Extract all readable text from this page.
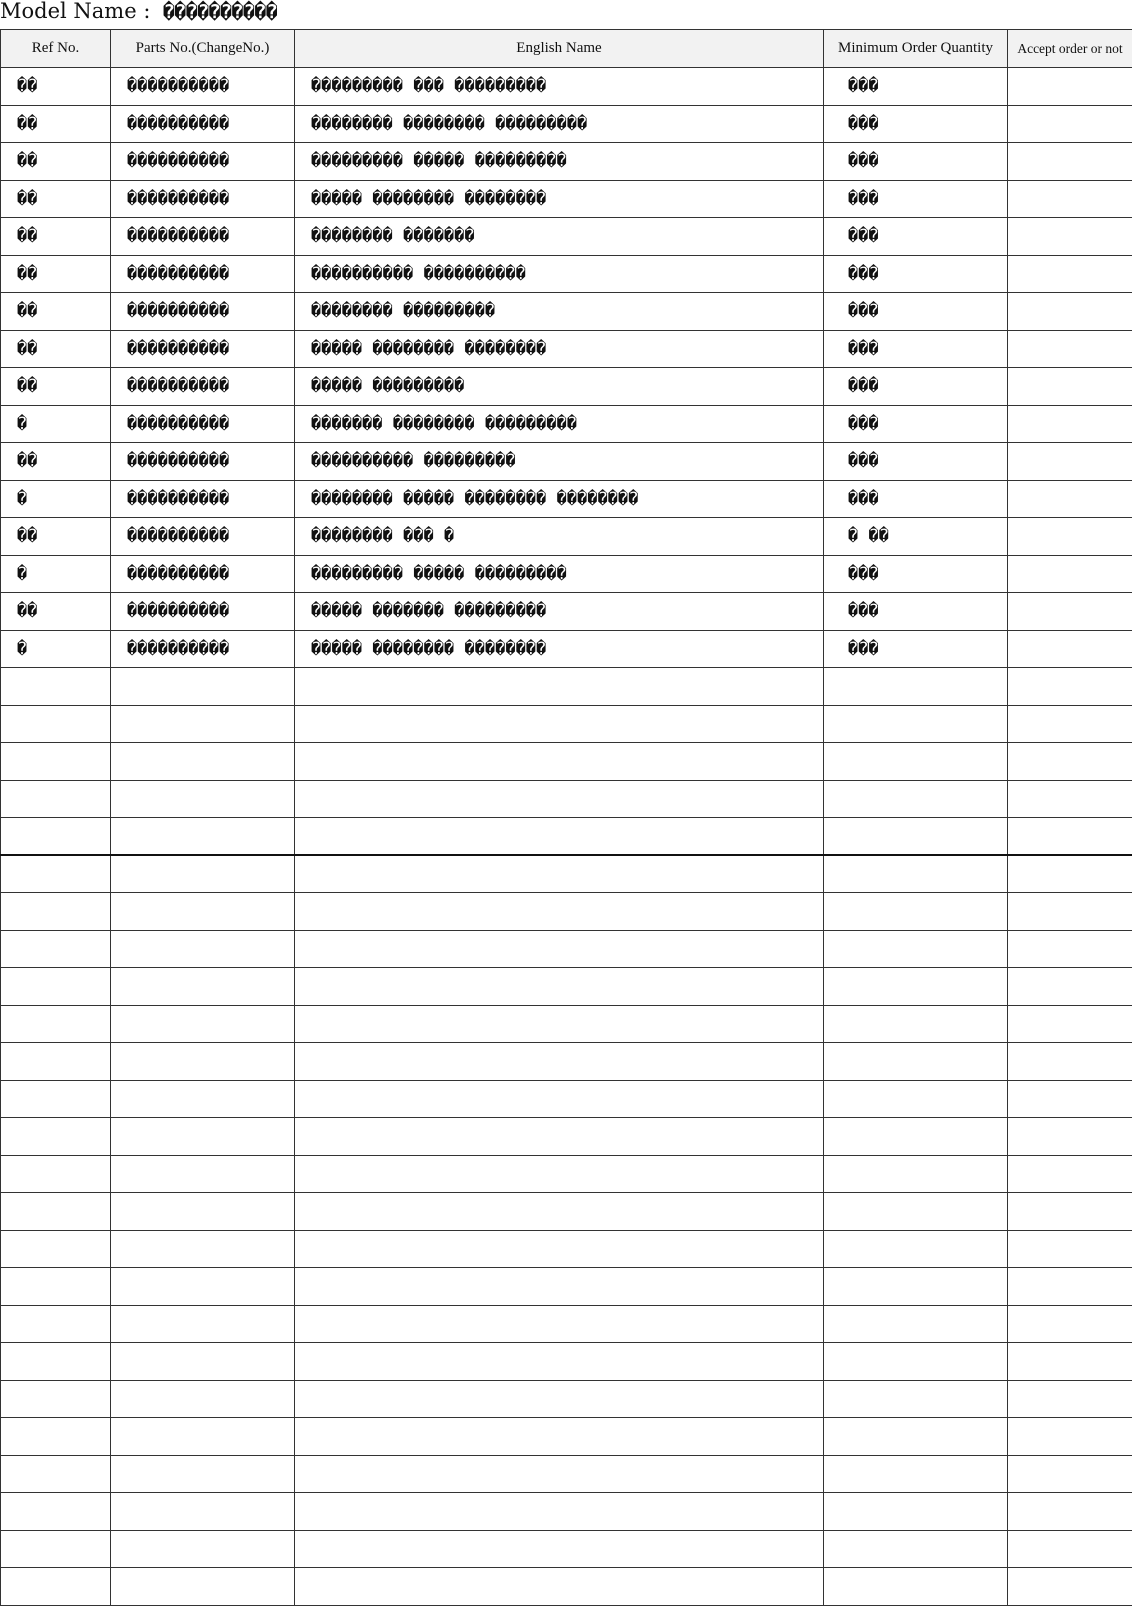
Model Name : ����������
Ref No.	Parts No.(ChangeNo.)	English Name	Minimum Order Quantity	Accept order or not
��	����������	��������� ��� ���������	���	
��	����������	�������� �������� ���������	���	
��	����������	��������� ����� ���������	���	
��	����������	����� �������� ��������	���	
��	����������	�������� �������	���	
��	����������	���������� ����������	���	
��	����������	�������� ���������	���	
��	����������	����� �������� ��������	���	
��	����������	����� ���������	���	
�	����������	������� �������� ���������	���	
��	����������	���������� ���������	���	
�	����������	�������� ����� �������� ��������	���	
��	����������	�������� ��� �	� ��	
�	����������	��������� ����� ���������	���	
��	����������	����� ������� ���������	���	
�	����������	����� �������� ��������	���	
